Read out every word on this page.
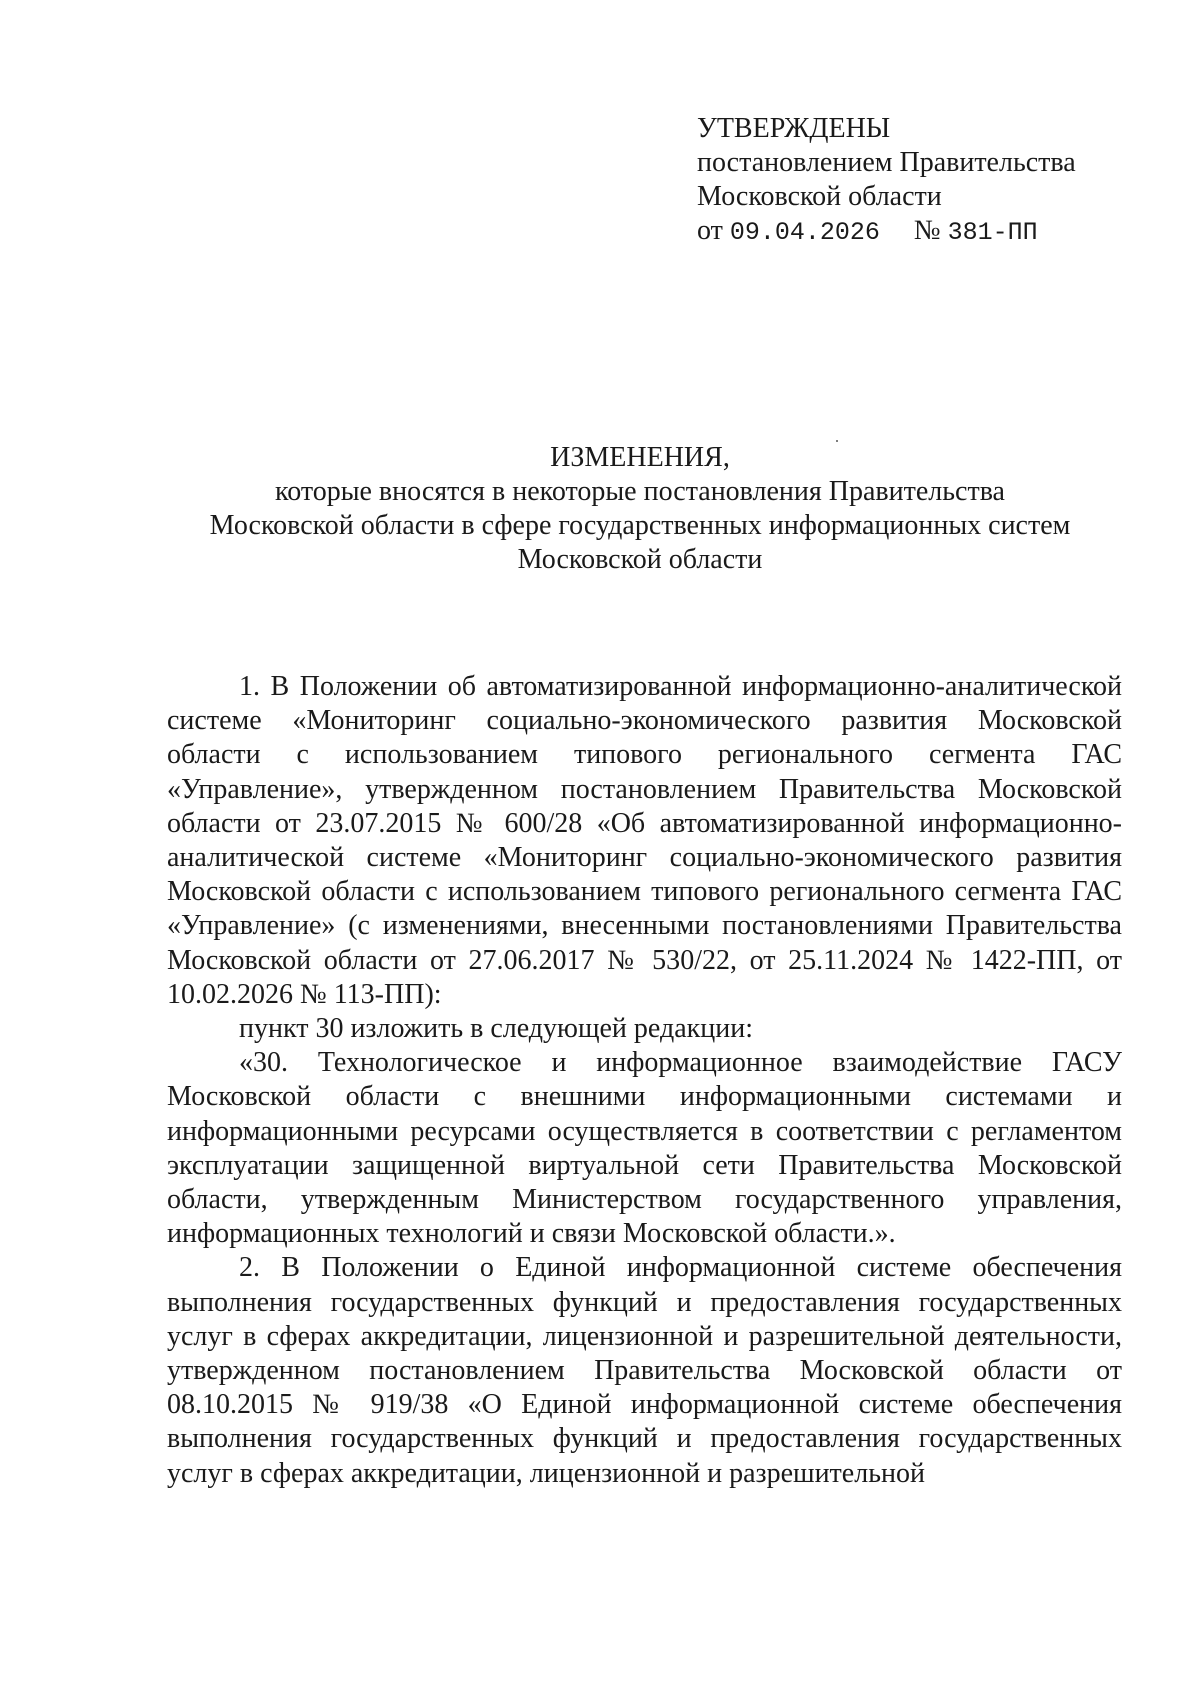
УТВЕРЖДЕНЫ
постановлением Правительства
Московской области
от 09.04.2026 № 381-ПП
ИЗМЕНЕНИЯ,
которые вносятся в некоторые постановления Правительства
Московской области в сфере государственных информационных систем
Московской области

1. В Положении об автоматизированной информационно-аналитической системе «Мониторинг социально-экономического развития Московской области с использованием типового регионального сегмента ГАС «Управление», утвержденном постановлением Правительства Московской области от 23.07.2015 № 600/28 «Об автоматизированной информационно-аналитической системе «Мониторинг социально-экономического развития Московской области с использованием типового регионального сегмента ГАС «Управление» (с изменениями, внесенными постановлениями Правительства Московской области от 27.06.2017 № 530/22, от 25.11.2024 № 1422-ПП, от 10.02.2026 № 113-ПП):

пункт 30 изложить в следующей редакции:

«30. Технологическое и информационное взаимодействие ГАСУ Московской области с внешними информационными системами и информационными ресурсами осуществляется в соответствии с регламентом эксплуатации защищенной виртуальной сети Правительства Московской области, утвержденным Министерством государственного управления, информационных технологий и связи Московской области.».

2. В Положении о Единой информационной системе обеспечения выполнения государственных функций и предоставления государственных услуг в сферах аккредитации, лицензионной и разрешительной деятельности, утвержденном постановлением Правительства Московской области от 08.10.2015 № 919/38 «О Единой информационной системе обеспечения выполнения государственных функций и предоставления государственных услуг в сферах аккредитации, лицензионной и разрешительной
